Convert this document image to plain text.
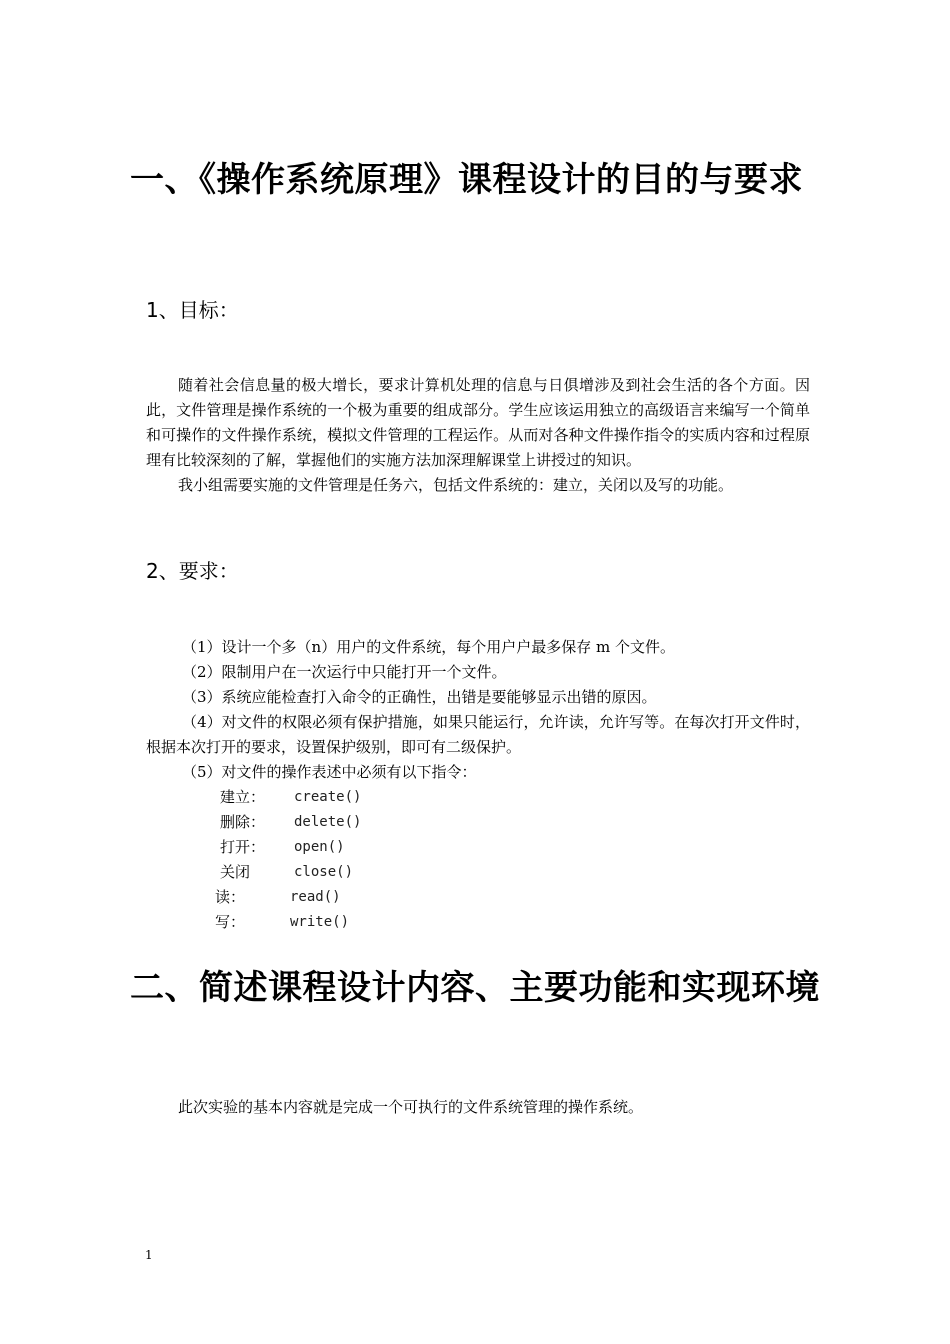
一、《操作系统原理》课程设计的目的与要求
1、目标：

随着社会信息量的极大增长，要求计算机处理的信息与日俱增涉及到社会生活的各个方面。因此，文件管理是操作系统的一个极为重要的组成部分。学生应该运用独立的高级语言来编写一个简单和可操作的文件操作系统，模拟文件管理的工程运作。从而对各种文件操作指令的实质内容和过程原理有比较深刻的了解，掌握他们的实施方法加深理解课堂上讲授过的知识。

我小组需要实施的文件管理是任务六，包括文件系统的：建立，关闭以及写的功能。

2、要求：
（1）设计一个多（n）用户的文件系统，每个用户户最多保存 m 个文件。
（2）限制用户在一次运行中只能打开一个文件。
（3）系统应能检查打入命令的正确性，出错是要能够显示出错的原因。
（4）对文件的权限必须有保护措施，如果只能运行，允许读，允许写等。在每次打开文件时，根据本次打开的要求，设置保护级别，即可有二级保护。
（5）对文件的操作表述中必须有以下指令：
建立： create()
删除： delete()
打开： open()
关闭	close()
读：	read()
写：	write()
二、简述课程设计内容、主要功能和实现环境
此次实验的基本内容就是完成一个可执行的文件系统管理的操作系统。
1
